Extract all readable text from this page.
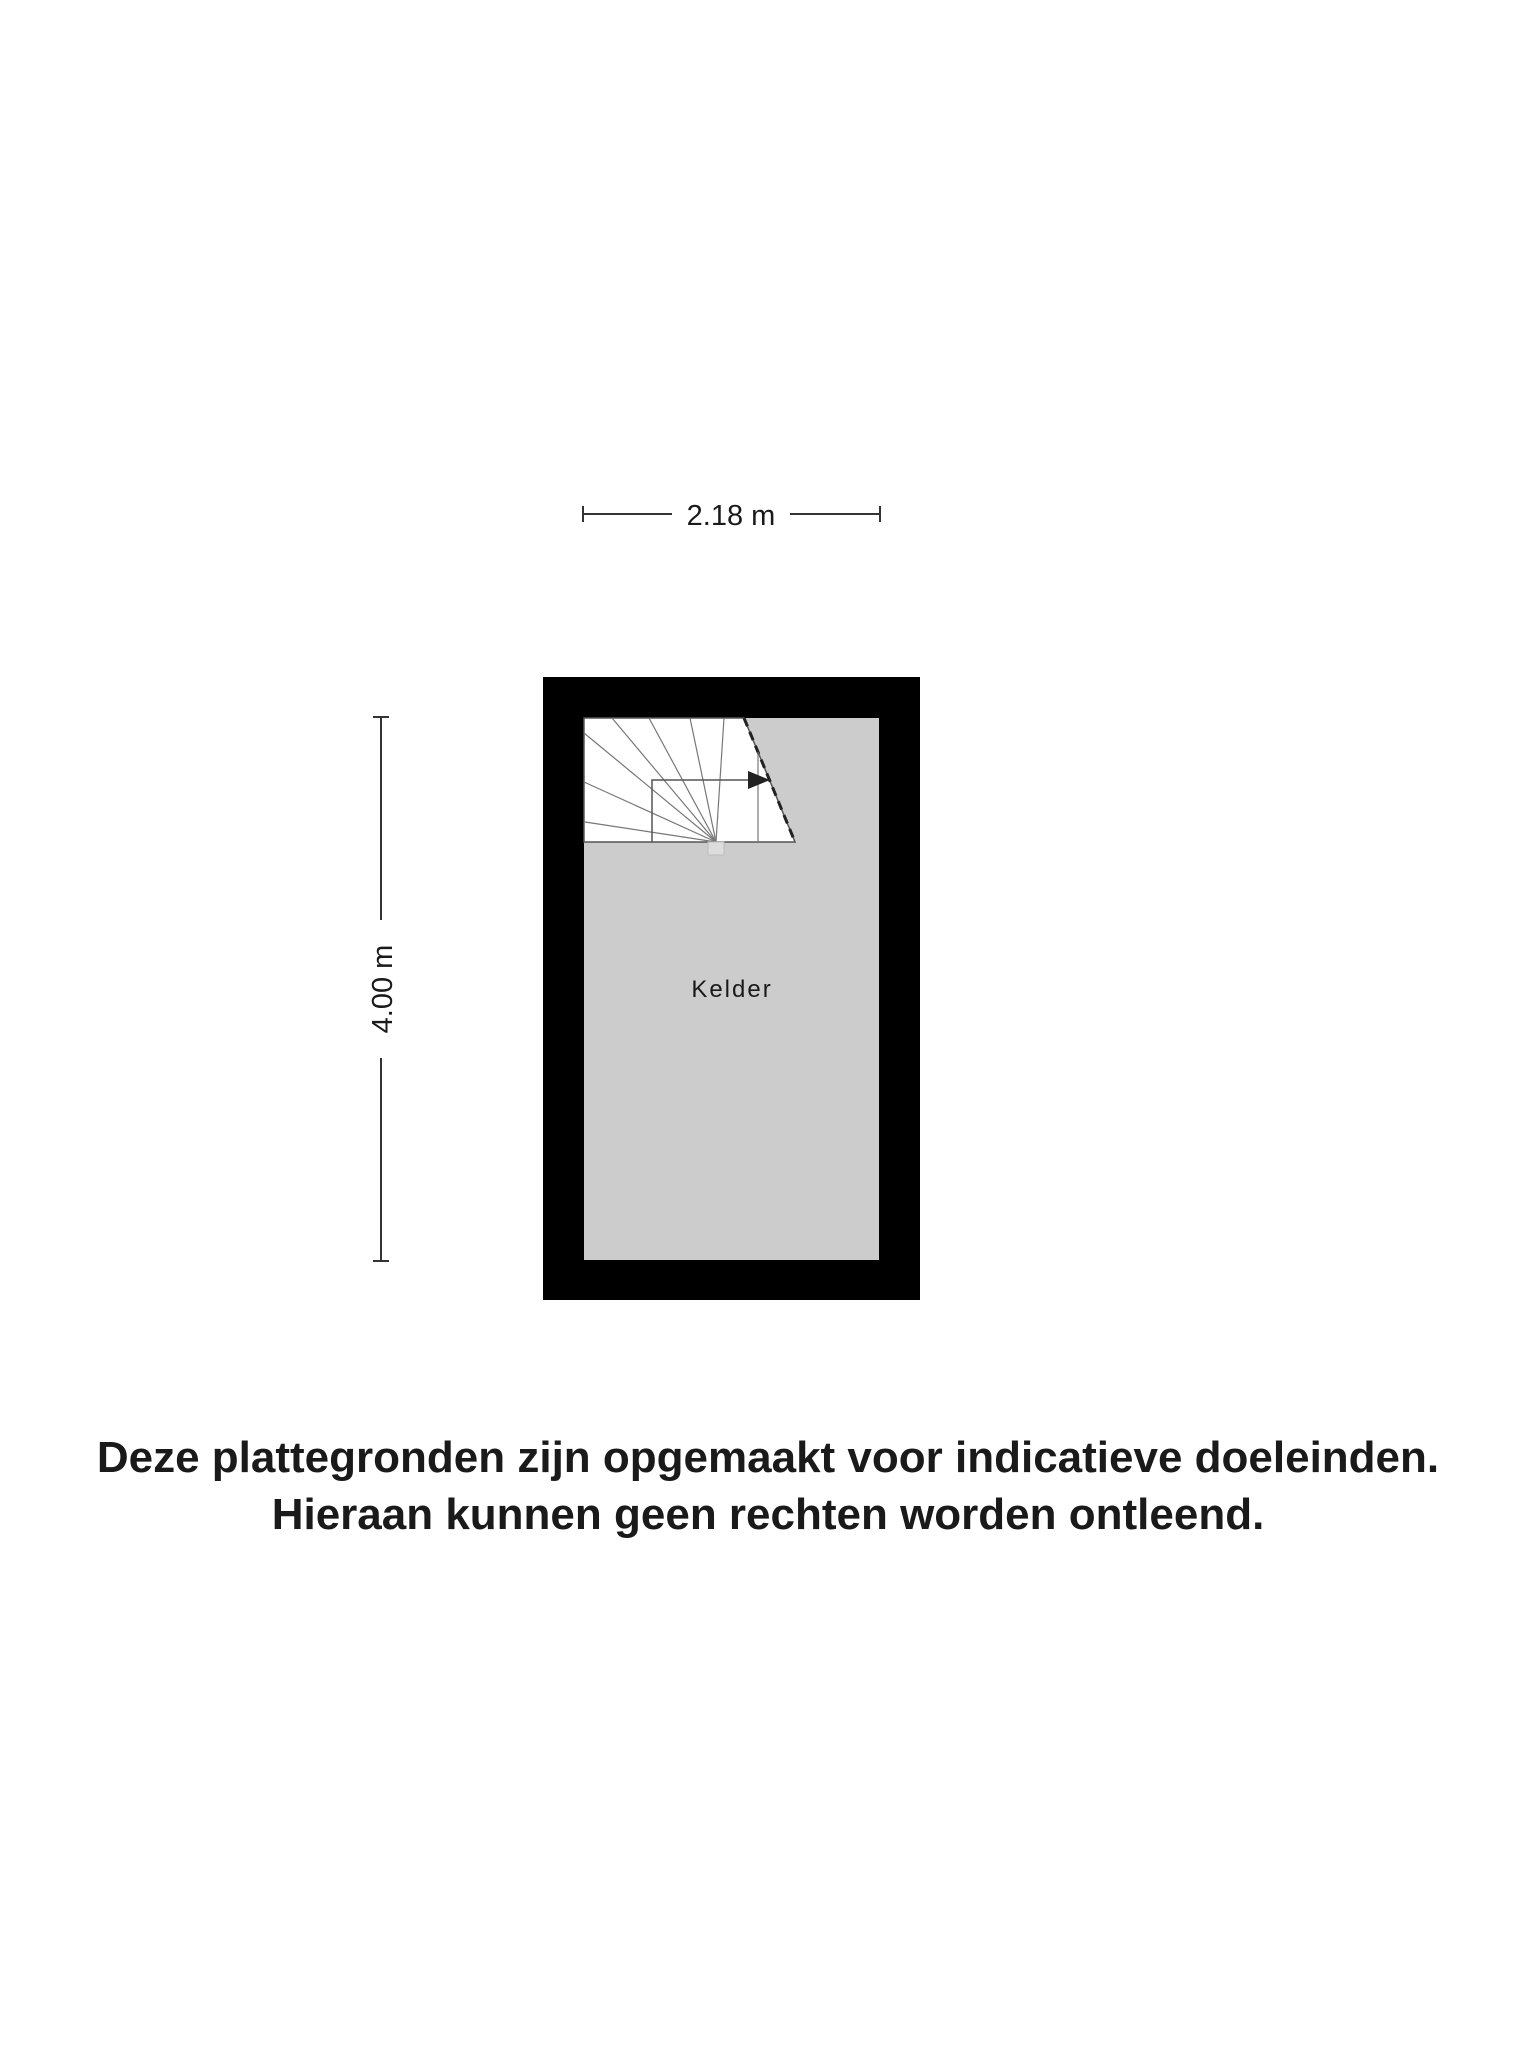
2.18 m
4.00 m	Kelder
Deze plattegronden zijn opgemaakt voor indicatieve doeleinden.
Hieraan kunnen geen rechten worden ontleend.
